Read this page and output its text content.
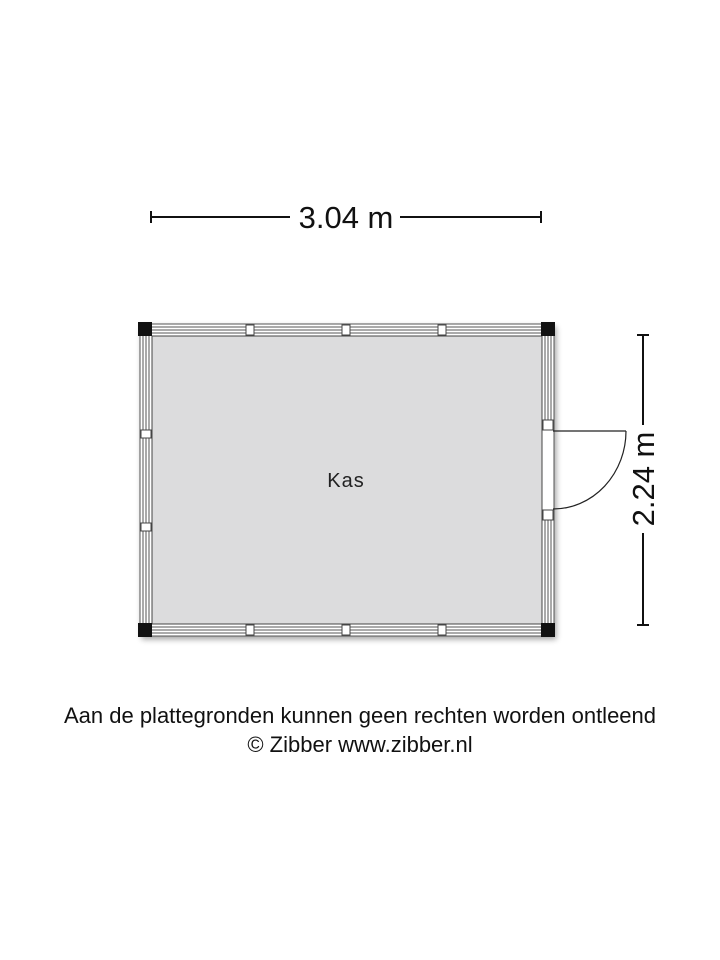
3.04 m
2.24 m
Kas
Aan de plattegronden kunnen geen rechten worden ontleend
© Zibber www.zibber.nl
